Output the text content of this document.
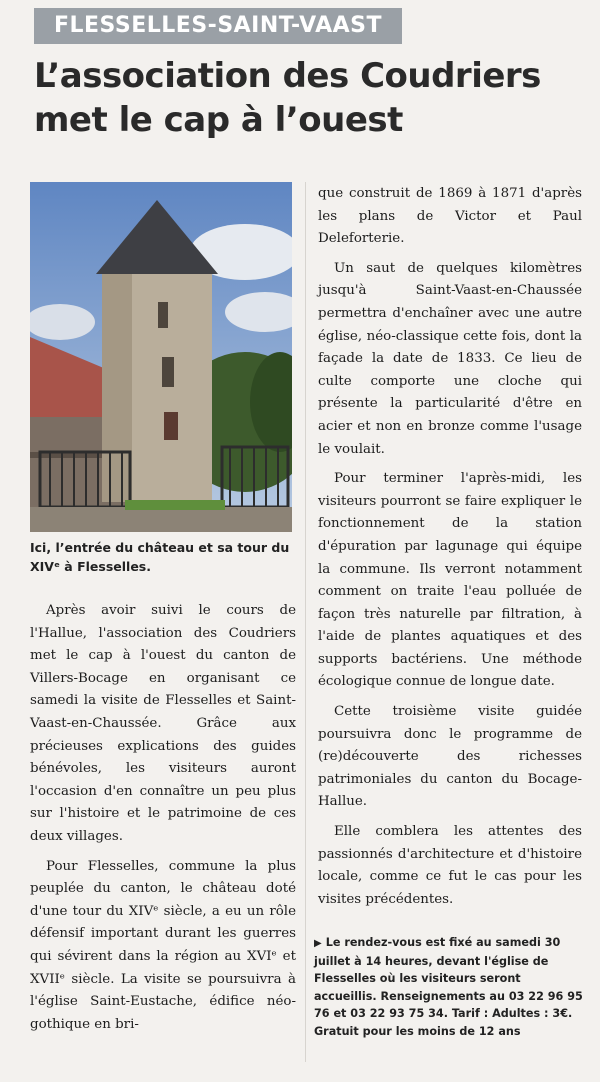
FLESSELLES-SAINT-VAAST
L’association des Coudriers
met le cap à l’ouest
Ici, l’entrée du château et sa tour du
XIVᵉ à Flesselles.

Après avoir suivi le cours de l'Hallue, l'association des Coudriers met le cap à l'ouest du canton de Villers-Bocage en organisant ce samedi la visite de Flesselles et Saint-Vaast-en-Chaussée. Grâce aux précieuses explications des guides bénévoles, les visiteurs auront l'occasion d'en connaître un peu plus sur l'histoire et le patrimoine de ces deux villages.

Pour Flesselles, commune la plus peuplée du canton, le château doté d'une tour du XIVᵉ siècle, a eu un rôle défensif important durant les guerres qui sévirent dans la région au XVIᵉ et XVIIᵉ siècle. La visite se poursuivra à l'église Saint-Eustache, édifice néo-gothique en bri-

que construit de 1869 à 1871 d'après les plans de Victor et Paul Deleforterie.

Un saut de quelques kilomètres jusqu'à Saint-Vaast-en-Chaussée permettra d'enchaîner avec une autre église, néo-classique cette fois, dont la façade la date de 1833. Ce lieu de culte comporte une cloche qui présente la particularité d'être en acier et non en bronze comme l'usage le voulait.

Pour terminer l'après-midi, les visiteurs pourront se faire expliquer le fonctionnement de la station d'épuration par lagunage qui équipe la commune. Ils verront notamment comment on traite l'eau polluée de façon très naturelle par filtration, à l'aide de plantes aquatiques et des supports bactériens. Une méthode écologique connue de longue date.

Cette troisième visite guidée poursuivra donc le programme de (re)découverte des richesses patrimoniales du canton du Bocage-Hallue.

Elle comblera les attentes des passionnés d'architecture et d'histoire locale, comme ce fut le cas pour les visites précédentes.

▶ Le rendez-vous est fixé au samedi 30 juillet à 14 heures, devant l'église de Flesselles où les visiteurs seront accueillis. Renseignements au 03 22 96 95 76 et 03 22 93 75 34. Tarif : Adultes : 3€. Gratuit pour les moins de 12 ans
